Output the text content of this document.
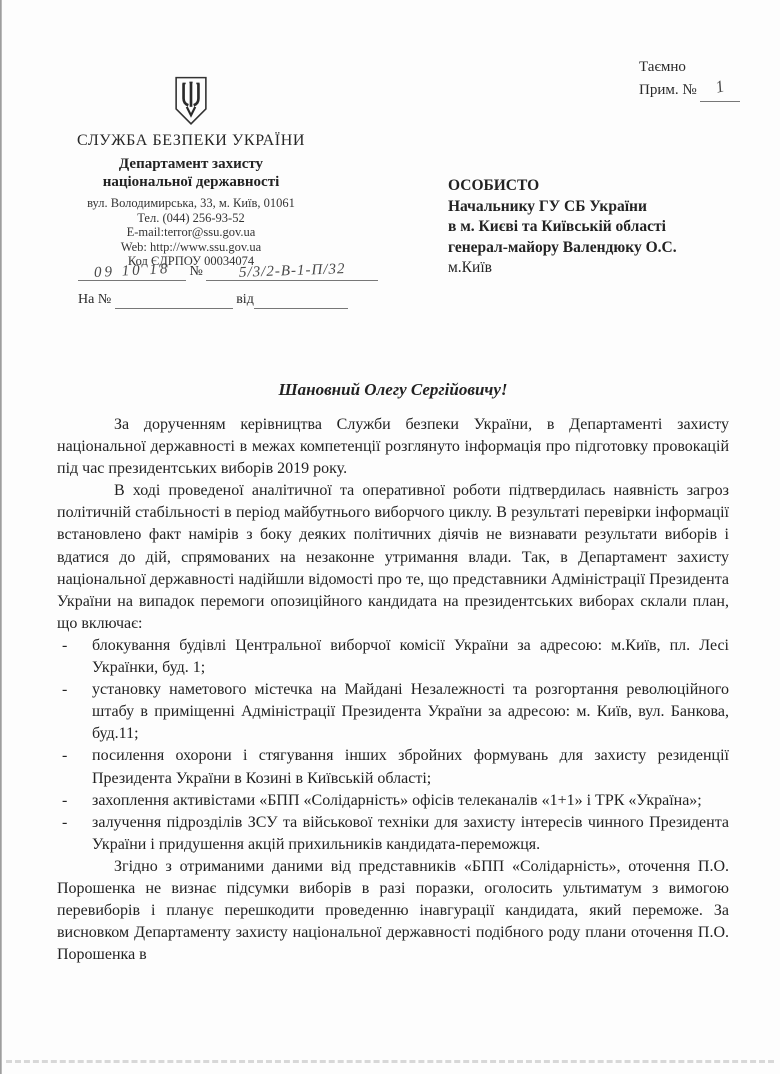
Таємно
Прим. № 1
СЛУЖБА БЕЗПЕКИ УКРАЇНИ
Департамент захисту
національної державності
вул. Володимирська, 33, м. Київ, 01061
Тел. (044) 256-93-52
E-mail:terror@ssu.gov.ua
Web: http://www.ssu.gov.ua
Код ЄДРПОУ 00034074
09 10 18 № 5/3/2-В-1-П/32
На №	від
ОСОБИСТО
Начальнику ГУ СБ України
в м. Києві та Київській області
генерал-майору Валендюку О.С.
м.Київ
Шановний Олегу Сергійовичу!

За дорученням керівництва Служби безпеки України, в Департаменті захисту національної державності в межах компетенції розглянуто інформація про підготовку провокацій під час президентських виборів 2019 року.

В ході проведеної аналітичної та оперативної роботи підтвердилась наявність загроз політичній стабільності в період майбутнього виборчого циклу. В результаті перевірки інформації встановлено факт намірів з боку деяких політичних діячів не визнавати результати виборів і вдатися до дій, спрямованих на незаконне утримання влади. Так, в Департамент захисту національної державності надійшли відомості про те, що представники Адміністрації Президента України на випадок перемоги опозиційного кандидата на президентських виборах склали план, що включає:

- блокування будівлі Центральної виборчої комісії України за адресою: м.Київ, пл. Лесі Українки, буд. 1;
- установку наметового містечка на Майдані Незалежності та розгортання революційного штабу в приміщенні Адміністрації Президента України за адресою: м. Київ, вул. Банкова, буд.11;
- посилення охорони і стягування інших збройних формувань для захисту резиденції Президента України в Козині в Київській області;
- захоплення активістами «БПП «Солідарність» офісів телеканалів «1+1» і ТРК «Україна»;
- залучення підрозділів ЗСУ та військової техніки для захисту інтересів чинного Президента України і придушення акцій прихильників кандидата-переможця.

Згідно з отриманими даними від представників «БПП «Солідарність», оточення П.О. Порошенка не визнає підсумки виборів в разі поразки, оголосить ультиматум з вимогою перевиборів і планує перешкодити проведенню інавгурації кандидата, який переможе. За висновком Департаменту захисту національної державності подібного роду плани оточення П.О. Порошенка в
